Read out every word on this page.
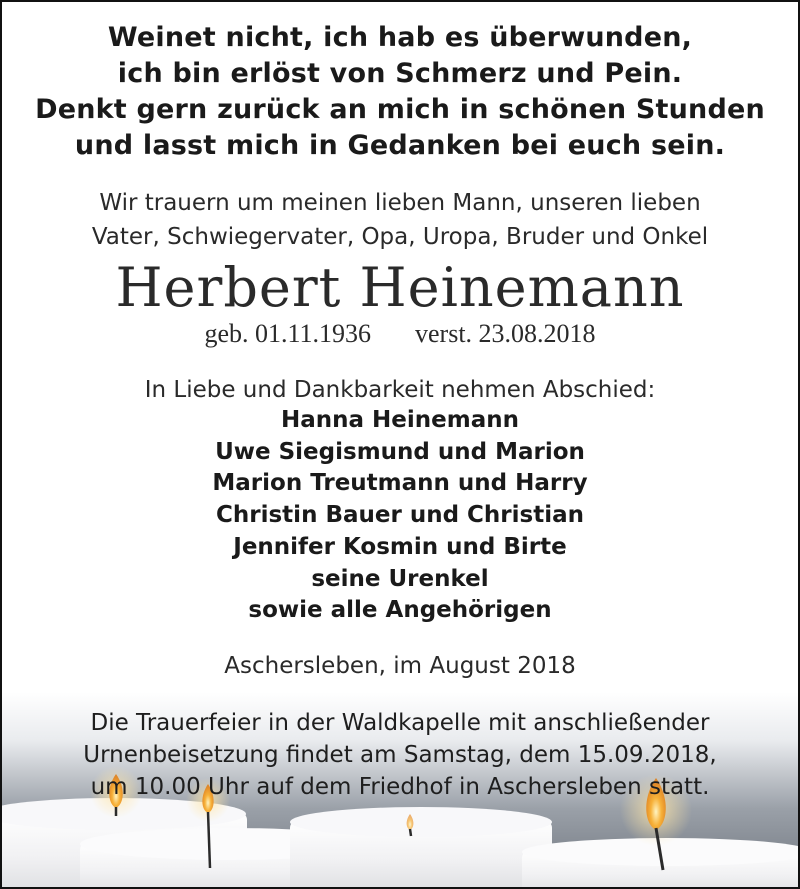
Weinet nicht, ich hab es überwunden,
ich bin erlöst von Schmerz und Pein.
Denkt gern zurück an mich in schönen Stunden
und lasst mich in Gedanken bei euch sein.
Wir trauern um meinen lieben Mann, unseren lieben
Vater, Schwiegervater, Opa, Uropa, Bruder und Onkel
Herbert Heinemann
geb. 01.11.1936 verst. 23.08.2018
In Liebe und Dankbarkeit nehmen Abschied:
Hanna Heinemann
Uwe Siegismund und Marion
Marion Treutmann und Harry
Christin Bauer und Christian
Jennifer Kosmin und Birte
seine Urenkel
sowie alle Angehörigen
Aschersleben, im August 2018
Die Trauerfeier in der Waldkapelle mit anschließender
Urnenbeisetzung findet am Samstag, dem 15.09.2018,
um 10.00 Uhr auf dem Friedhof in Aschersleben statt.
